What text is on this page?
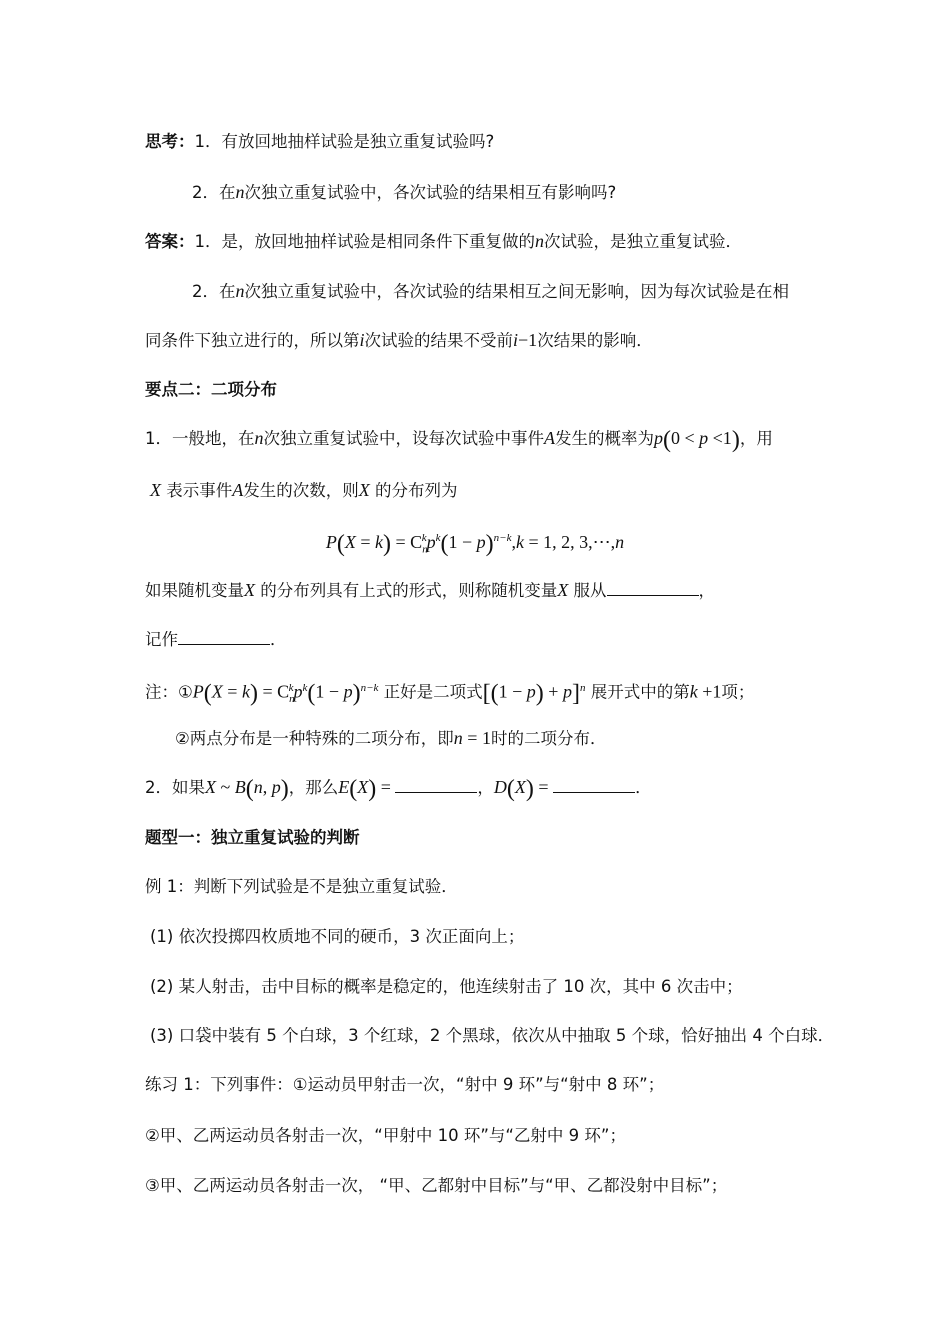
思考：1．有放回地抽样试验是独立重复试验吗?
2．在n次独立重复试验中，各次试验的结果相互有影响吗?
答案：1．是，放回地抽样试验是相同条件下重复做的n次试验，是独立重复试验．
2．在n次独立重复试验中，各次试验的结果相互之间无影响，因为每次试验是在相
同条件下独立进行的，所以第i次试验的结果不受前i−1次结果的影响．
要点二：二项分布
1．一般地，在n次独立重复试验中，设每次试验中事件A发生的概率为p(0 < p <1)，用
X 表示事件A发生的次数，则X 的分布列为
$P(X = k) = C_n^kp^k(1 - p)^{n-k},k = 1$, 2, 3,⋯,n
如果随机变量X 的分布列具有上式的形式，则称随机变量X 服从	，
记作	．
注：①P(X = $k) = C_n^kp^k(1 - p)^{n-k}$ 正好是二项式$[(1 - p) + p]^n$ 展开式中的第k +1项；
②两点分布是一种特殊的二项分布，即n = 1时的二项分布．
2．如果X ~ B(n, p)，那么E(X) =	，D(X) =	．
题型一：独立重复试验的判断
例 1：判断下列试验是不是独立重复试验．
(1) 依次投掷四枚质地不同的硬币，3 次正面向上；
(2) 某人射击，击中目标的概率是稳定的，他连续射击了 10 次，其中 6 次击中；
(3) 口袋中装有 5 个白球，3 个红球，2 个黑球，依次从中抽取 5 个球，恰好抽出 4 个白球．
练习 1：下列事件：①运动员甲射击一次，“射中 9 环”与“射中 8 环”；
②甲、乙两运动员各射击一次，“甲射中 10 环”与“乙射中 9 环”；
③甲、乙两运动员各射击一次， “甲、乙都射中目标”与“甲、乙都没射中目标”；
